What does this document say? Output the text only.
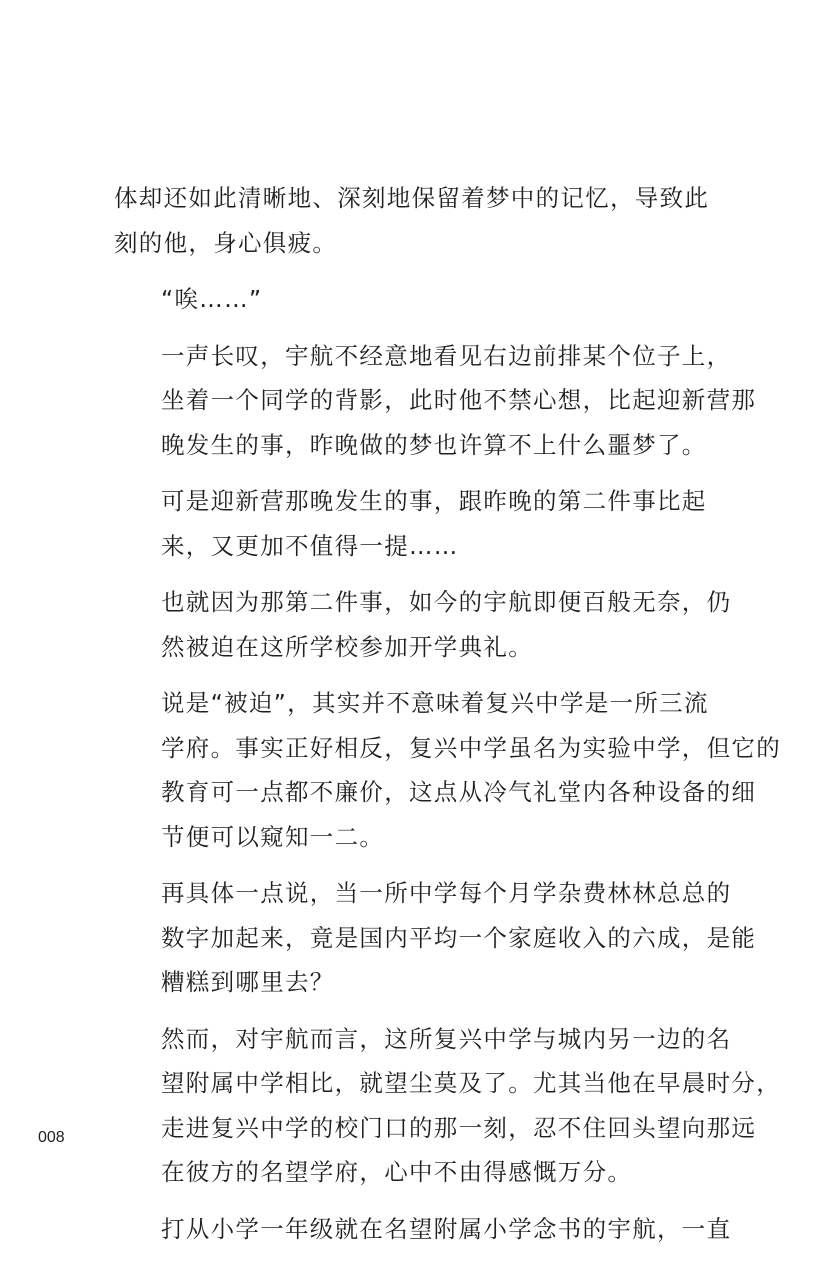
体却还如此清晰地、深刻地保留着梦中的记忆，导致此
刻的他，身心俱疲。

“唉……”

一声长叹，宇航不经意地看见右边前排某个位子上，
坐着一个同学的背影，此时他不禁心想，比起迎新营那
晚发生的事，昨晚做的梦也许算不上什么噩梦了。

可是迎新营那晚发生的事，跟昨晚的第二件事比起
来，又更加不值得一提……

也就因为那第二件事，如今的宇航即便百般无奈，仍
然被迫在这所学校参加开学典礼。

说是“被迫”，其实并不意味着复兴中学是一所三流
学府。事实正好相反，复兴中学虽名为实验中学，但它的
教育可一点都不廉价，这点从冷气礼堂内各种设备的细
节便可以窥知一二。

再具体一点说，当一所中学每个月学杂费林林总总的
数字加起来，竟是国内平均一个家庭收入的六成，是能
糟糕到哪里去？

然而，对宇航而言，这所复兴中学与城内另一边的名
望附属中学相比，就望尘莫及了。尤其当他在早晨时分，
走进复兴中学的校门口的那一刻，忍不住回头望向那远
在彼方的名望学府，心中不由得感慨万分。

打从小学一年级就在名望附属小学念书的宇航，一直

008
